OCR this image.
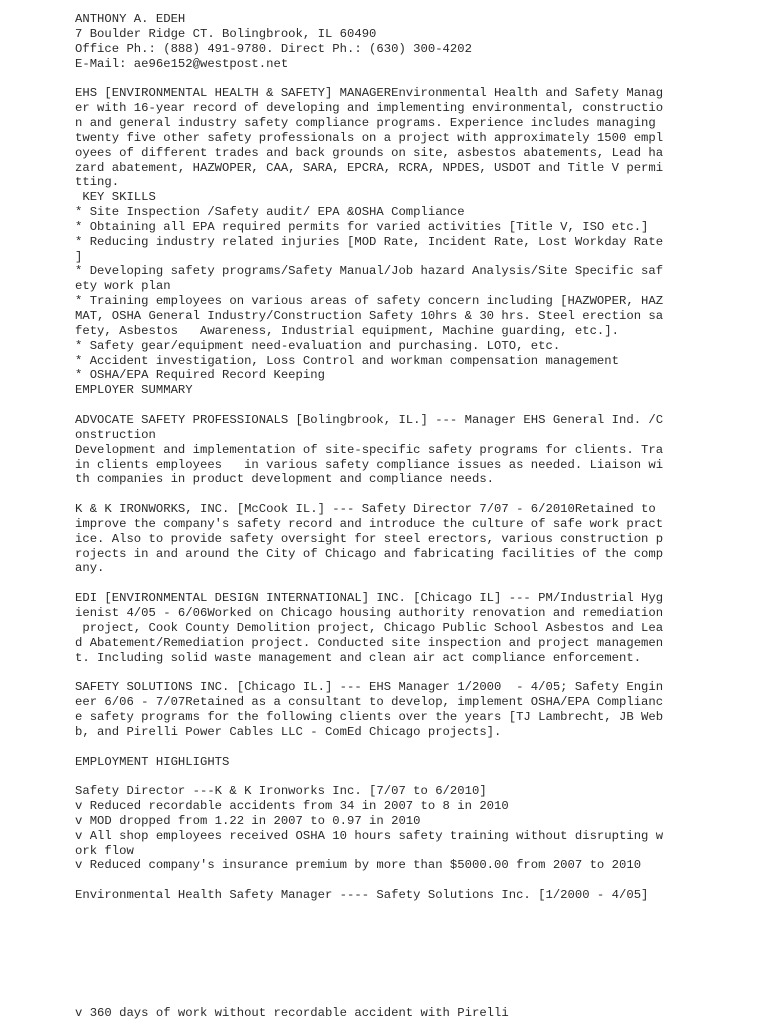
ANTHONY A. EDEH
7 Boulder Ridge CT. Bolingbrook, IL 60490
Office Ph.: (888) 491-9780. Direct Ph.: (630) 300-4202
E-Mail: ae96e152@westpost.net
EHS [ENVIRONMENTAL HEALTH & SAFETY] MANAGEREnvironmental Health and Safety Manag
er with 16-year record of developing and implementing environmental, constructio
n and general industry safety compliance programs. Experience includes managing
twenty five other safety professionals on a project with approximately 1500 empl
oyees of different trades and back grounds on site, asbestos abatements, Lead ha
zard abatement, HAZWOPER, CAA, SARA, EPCRA, RCRA, NPDES, USDOT and Title V permi
tting.
KEY SKILLS
* Site Inspection /Safety audit/ EPA &OSHA Compliance
* Obtaining all EPA required permits for varied activities [Title V, ISO etc.]
* Reducing industry related injuries [MOD Rate, Incident Rate, Lost Workday Rate
]
* Developing safety programs/Safety Manual/Job hazard Analysis/Site Specific saf
ety work plan
* Training employees on various areas of safety concern including [HAZWOPER, HAZ
MAT, OSHA General Industry/Construction Safety 10hrs & 30 hrs. Steel erection sa
fety, Asbestos   Awareness, Industrial equipment, Machine guarding, etc.].
* Safety gear/equipment need-evaluation and purchasing. LOTO, etc.
* Accident investigation, Loss Control and workman compensation management
* OSHA/EPA Required Record Keeping
EMPLOYER SUMMARY
ADVOCATE SAFETY PROFESSIONALS [Bolingbrook, IL.] --- Manager EHS General Ind. /C
onstruction
Development and implementation of site-specific safety programs for clients. Tra
in clients employees   in various safety compliance issues as needed. Liaison wi
th companies in product development and compliance needs.
K & K IRONWORKS, INC. [McCook IL.] --- Safety Director 7/07 - 6/2010Retained to
improve the company's safety record and introduce the culture of safe work pract
ice. Also to provide safety oversight for steel erectors, various construction p
rojects in and around the City of Chicago and fabricating facilities of the comp
any.
EDI [ENVIRONMENTAL DESIGN INTERNATIONAL] INC. [Chicago IL] --- PM/Industrial Hyg
ienist 4/05 - 6/06Worked on Chicago housing authority renovation and remediation
project, Cook County Demolition project, Chicago Public School Asbestos and Lea
d Abatement/Remediation project. Conducted site inspection and project managemen
t. Including solid waste management and clean air act compliance enforcement.
SAFETY SOLUTIONS INC. [Chicago IL.] --- EHS Manager 1/2000  - 4/05; Safety Engin
eer 6/06 - 7/07Retained as a consultant to develop, implement OSHA/EPA Complianc
e safety programs for the following clients over the years [TJ Lambrecht, JB Web
b, and Pirelli Power Cables LLC - ComEd Chicago projects].
EMPLOYMENT HIGHLIGHTS
Safety Director ---K & K Ironworks Inc. [7/07 to 6/2010]
v Reduced recordable accidents from 34 in 2007 to 8 in 2010
v MOD dropped from 1.22 in 2007 to 0.97 in 2010
v All shop employees received OSHA 10 hours safety training without disrupting w
ork flow
v Reduced company's insurance premium by more than $5000.00 from 2007 to 2010
Environmental Health Safety Manager ---- Safety Solutions Inc. [1/2000 - 4/05]
v 360 days of work without recordable accident with Pirelli
